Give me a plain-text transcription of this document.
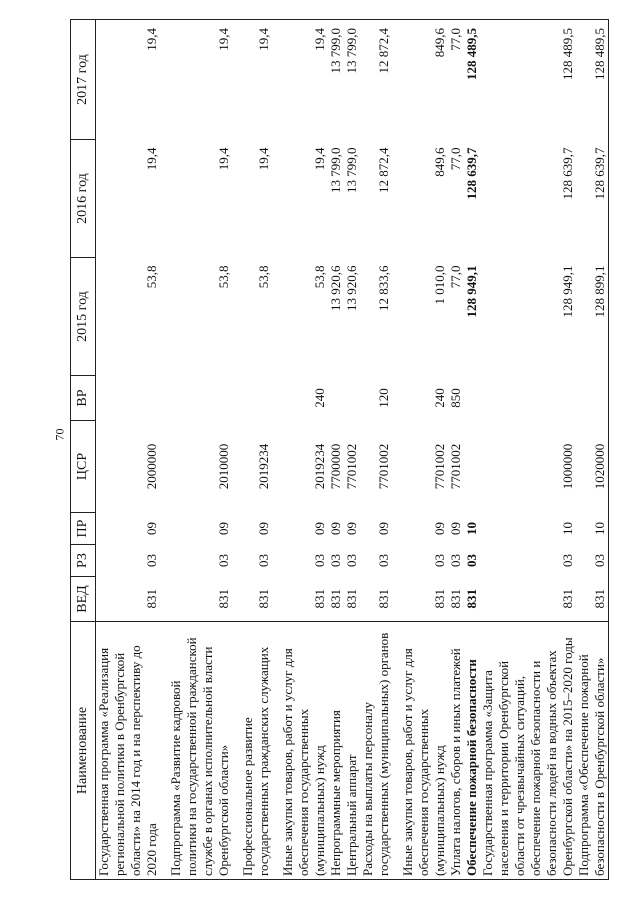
70
Наименование	ВЕД	РЗ	ПР	ЦСР	ВР	2015 год	2016 год	2017 год
Государственная программа «Реализация региональной политики в Оренбургской области» на 2014 год и на перспективу до 2020 года	831	03	09	2000000		53,8	19,4	19,4
Подпрограмма «Развитие кадровой политики на государственной гражданской службе в органах исполнительной власти Оренбургской области»	831	03	09	2010000		53,8	19,4	19,4
Профессиональное развитие государственных гражданских служащих	831	03	09	2019234		53,8	19,4	19,4
Иные закупки товаров, работ и услуг для обеспечения государственных (муниципальных) нужд	831	03	09	2019234	240	53,8	19,4	19,4
Непрограммные мероприятия	831	03	09	7700000		13 920,6	13 799,0	13 799,0
Центральный аппарат	831	03	09	7701002		13 920,6	13 799,0	13 799,0
Расходы на выплаты персоналу государственных (муниципальных) органов	831	03	09	7701002	120	12 833,6	12 872,4	12 872,4
Иные закупки товаров, работ и услуг для обеспечения государственных (муниципальных) нужд	831	03	09	7701002	240	1 010,0	849,6	849,6
Уплата налогов, сборов и иных платежей	831	03	09	7701002	850	77,0	77,0	77,0
Обеспечение пожарной безопасности	831	03	10			128 949,1	128 639,7	128 489,5
Государственная программа «Защита населения и территории Оренбургской области от чрезвычайных ситуаций, обеспечение пожарной безопасности и безопасности людей на водных объектах Оренбургской области» на 2015–2020 годы	831	03	10	1000000		128 949,1	128 639,7	128 489,5
Подпрограмма «Обеспечение пожарной безопасности в Оренбургской области»	831	03	10	1020000		128 899,1	128 639,7	128 489,5
